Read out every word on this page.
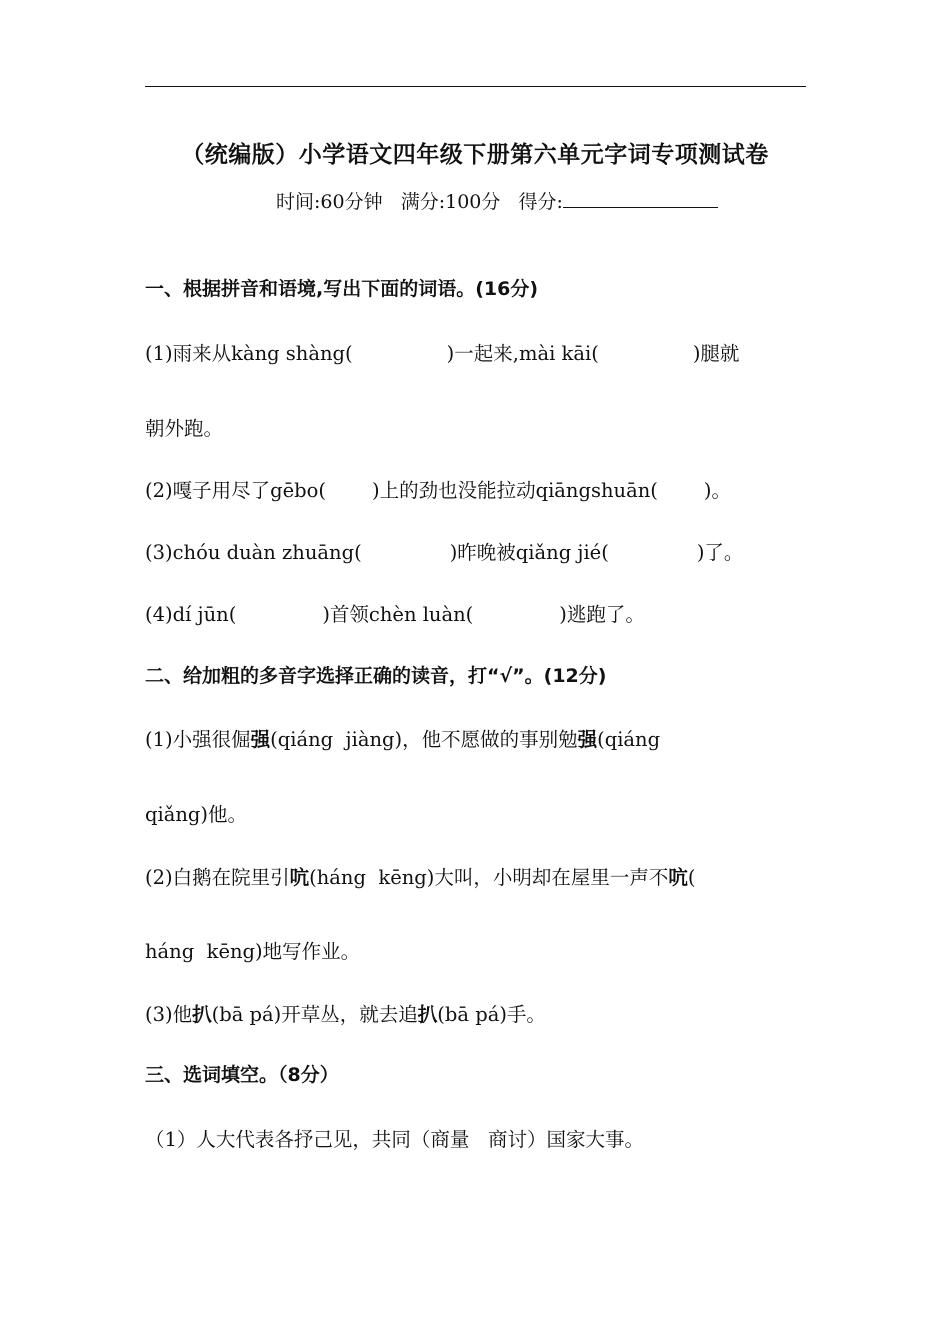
（统编版）小学语文四年级下册第六单元字词专项测试卷
时间:60分钟 满分:100分 得分:
一、根据拼音和语境,写出下面的词语。(16分)
(1)雨来从kàng shàng(	)一起来,mài kāi(	)腿就
朝外跑。
(2)嘎子用尽了gēbo( )上的劲也没能拉动qiāngshuān( )。
(3)chóu duàn zhuāng(	)昨晚被qiǎng jié(	)了。
(4)dí jūn(	)首领chèn luàn(	)逃跑了。
二、给加粗的多音字选择正确的读音，打“√”。(12分)
(1)小强很倔强(qiáng  jiàng)，他不愿做的事别勉强(qiáng
qiǎng)他。
(2)白鹅在院里引吭(háng  kēng)大叫，小明却在屋里一声不吭(
háng  kēng)地写作业。
(3)他扒(bā pá)开草丛，就去追扒(bā pá)手。
三、选词填空。（8分）
（1）人大代表各抒己见，共同（商量   商讨）国家大事。
